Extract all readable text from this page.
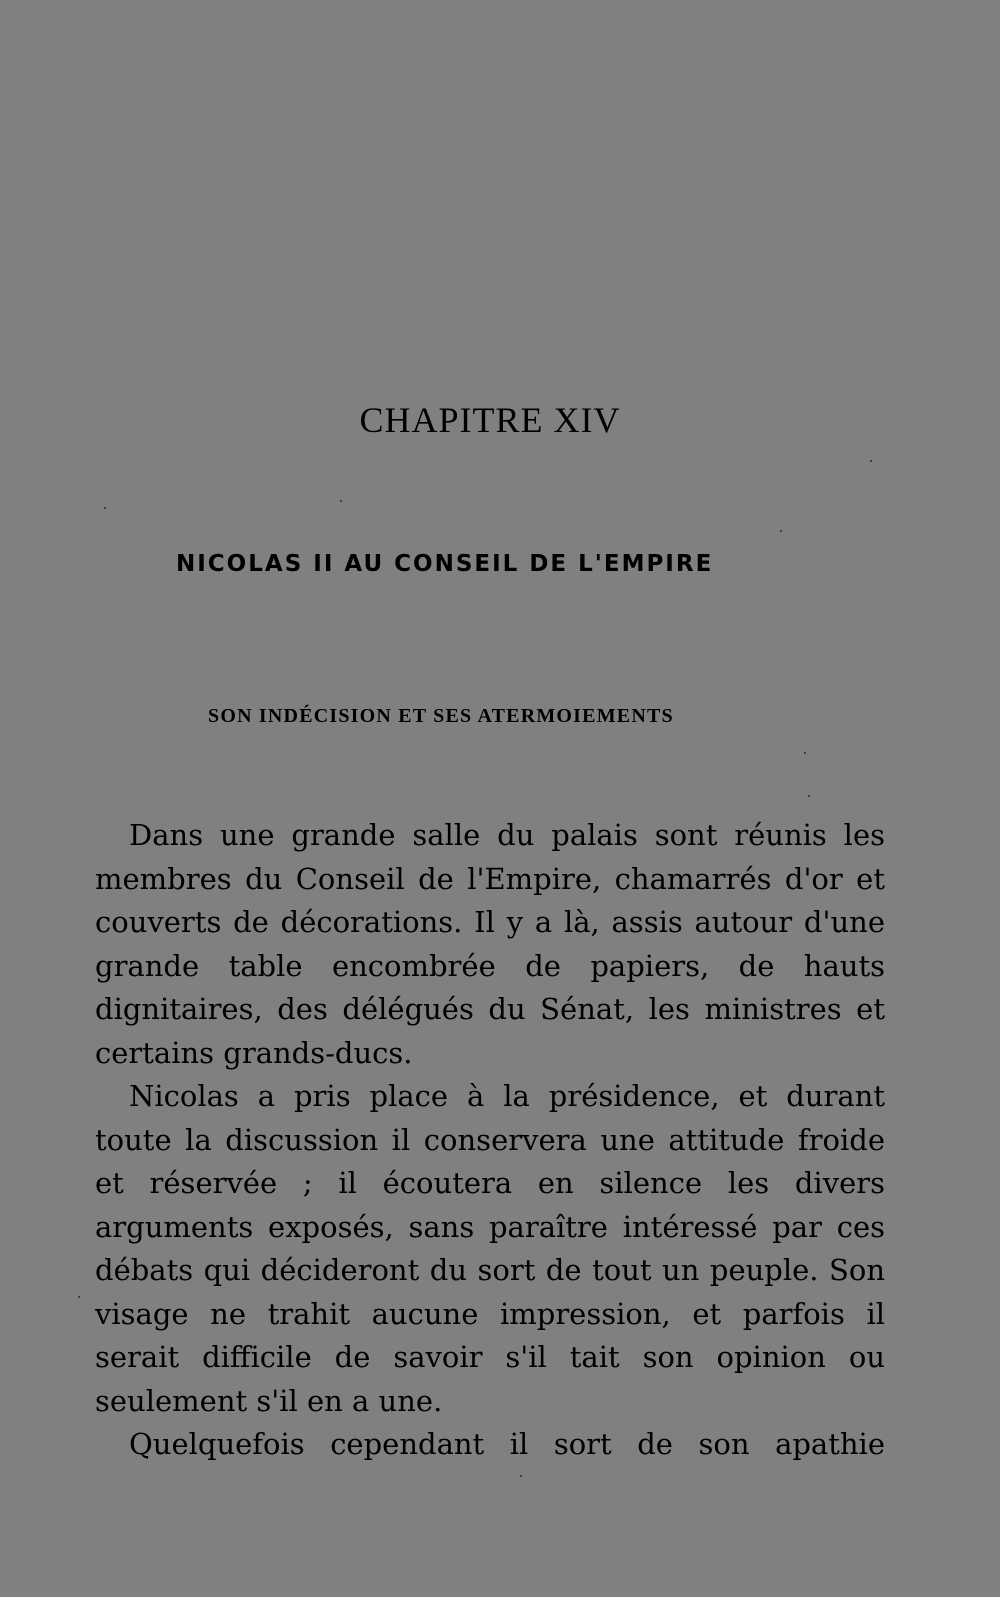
CHAPITRE XIV
NICOLAS II AU CONSEIL DE L'EMPIRE
SON INDÉCISION ET SES ATERMOIEMENTS

Dans une grande salle du palais sont réunis les membres du Conseil de l'Empire, chamarrés d'or et couverts de décorations. Il y a là, assis autour d'une grande table encombrée de papiers, de hauts dignitaires, des délégués du Sénat, les ministres et certains grands-ducs.

Nicolas a pris place à la présidence, et durant toute la discussion il conservera une attitude froide et réservée ; il écoutera en silence les divers arguments exposés, sans paraître intéressé par ces débats qui décideront du sort de tout un peuple. Son visage ne trahit aucune impression, et parfois il serait difficile de savoir s'il tait son opinion ou seulement s'il en a une.

Quelquefois cependant il sort de son apathie
